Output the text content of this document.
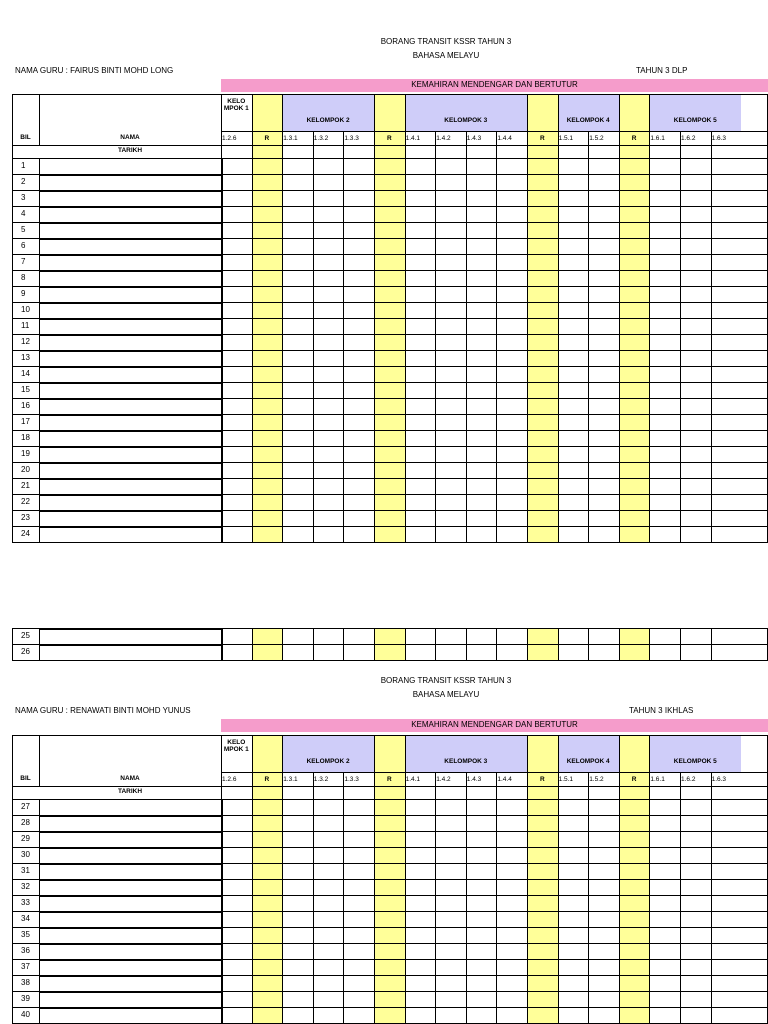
BORANG TRANSIT KSSR TAHUN 3
BAHASA MELAYU
NAMA GURU : FAIRUS BINTI MOHD LONG	TAHUN 3 DLP
KEMAHIRAN MENDENGAR DAN BERTUTUR
KELOMPOK 2	KELOMPOK 3	KELOMPOK 4	KELOMPOK 5
KELO MPOK 1
BIL	NAMA
TARIKH
1.2.6	R	1.3.1	1.3.2	1.3.3	R	1.4.1	1.4.2	1.4.3	1.4.4	R	1.5.1	1.5.2	R	1.6.1	1.6.2	1.6.3
1
2
3
4
5
6
7
8
9
10
11
12
13
14
15
16
17
18
19
20
21
22
23
24
25
26
BORANG TRANSIT KSSR TAHUN 3
BAHASA MELAYU
NAMA GURU : RENAWATI BINTI MOHD YUNUS	TAHUN 3 IKHLAS
KEMAHIRAN MENDENGAR DAN BERTUTUR
KELOMPOK 2	KELOMPOK 3	KELOMPOK 4	KELOMPOK 5
KELO MPOK 1
BIL	NAMA
TARIKH
1.2.6	R	1.3.1	1.3.2	1.3.3	R	1.4.1	1.4.2	1.4.3	1.4.4	R	1.5.1	1.5.2	R	1.6.1	1.6.2	1.6.3
27
28
29
30
31
32
33
34
35
36
37
38
39
40
